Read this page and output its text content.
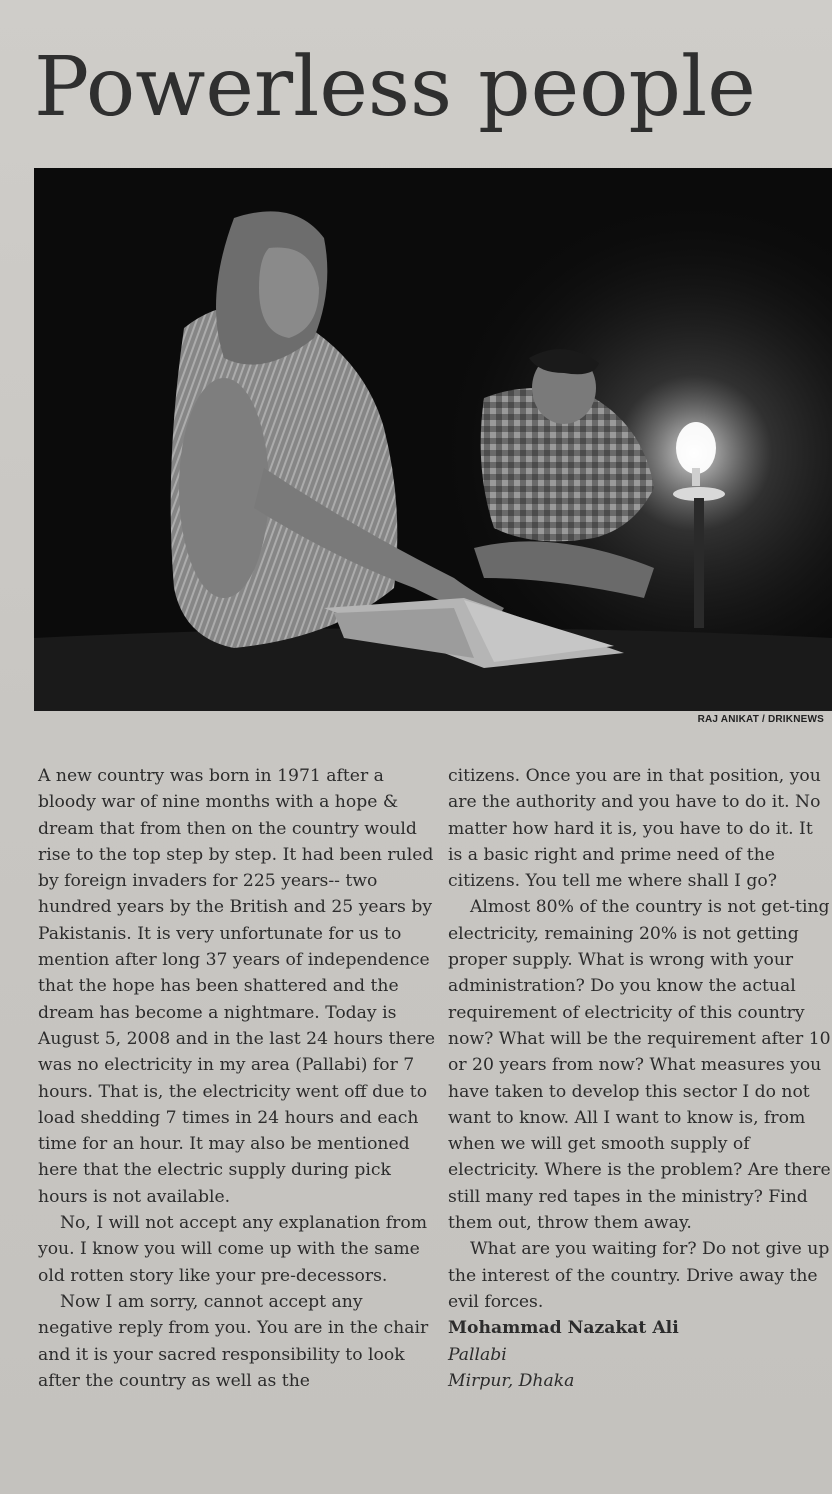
Powerless people
RAJ ANIKAT / DRIKNEWS

A new country was born in 1971 after a bloody war of nine months with a hope & dream that from then on the country would rise to the top step by step. It had been ruled by foreign invaders for 225 years-- two hundred years by the British and 25 years by Pakistanis. It is very unfortunate for us to mention after long 37 years of independence that the hope has been shattered and the dream has become a nightmare. Today is August 5, 2008 and in the last 24 hours there was no electricity in my area (Pallabi) for 7 hours. That is, the electricity went off due to load shedding 7 times in 24 hours and each time for an hour. It may also be mentioned here that the electric supply during pick hours is not available.

No, I will not accept any explanation from you. I know you will come up with the same old rotten story like your pre-decessors.

Now I am sorry, cannot accept any negative reply from you. You are in the chair and it is your sacred responsibility to look after the country as well as the

citizens. Once you are in that position, you are the authority and you have to do it. No matter how hard it is, you have to do it. It is a basic right and prime need of the citizens. You tell me where shall I go?

Almost 80% of the country is not get-ting electricity, remaining 20% is not getting proper supply. What is wrong with your administration? Do you know the actual requirement of electricity of this country now? What will be the requirement after 10 or 20 years from now? What measures you have taken to develop this sector I do not want to know. All I want to know is, from when we will get smooth supply of electricity. Where is the problem? Are there still many red tapes in the ministry? Find them out, throw them away.

What are you waiting for? Do not give up the interest of the country. Drive away the evil forces.

Mohammad Nazakat Ali

Pallabi

Mirpur, Dhaka
